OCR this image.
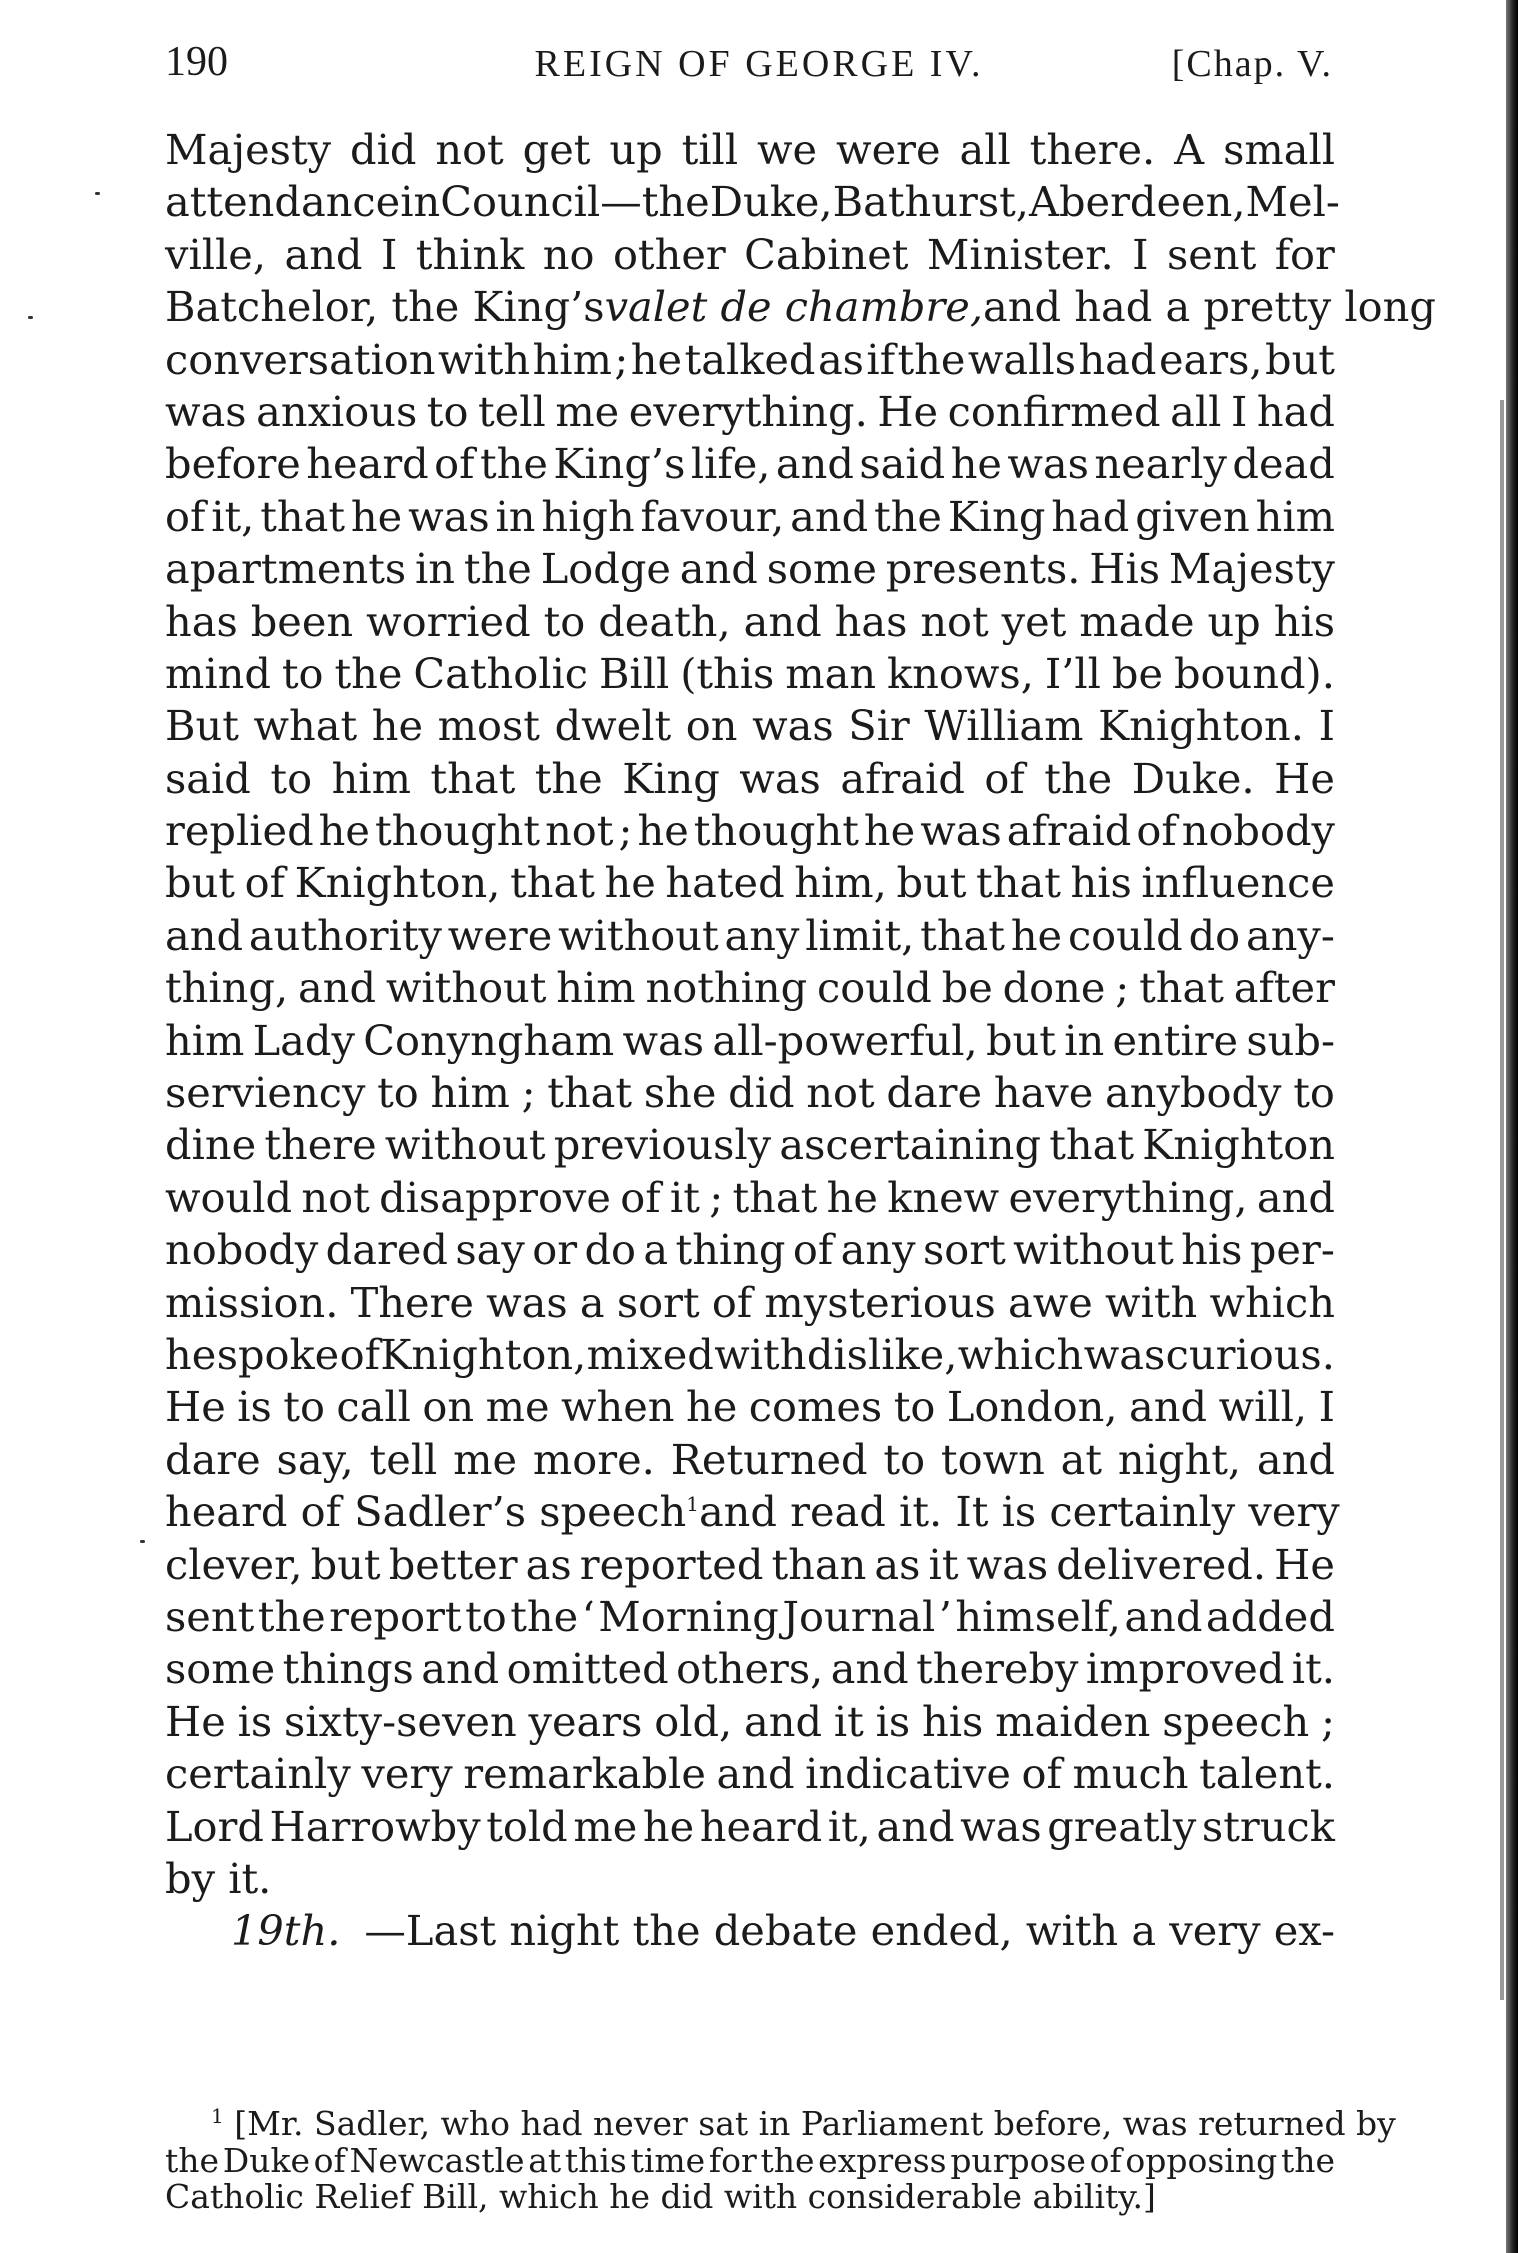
190	REIGN OF GEORGE IV.	[Chap. V.
Majesty did not get up till we were all there. A small
attendance in Council—the Duke, Bathurst, Aberdeen, Mel-
ville, and I think no other Cabinet Minister. I sent for
Batchelor, the King’s valet de chambre, and had a pretty long
conversation with him ; he talked as if the walls had ears, but
was anxious to tell me everything. He confirmed all I had
before heard of the King’s life, and said he was nearly dead
of it, that he was in high favour, and the King had given him
apartments in the Lodge and some presents. His Majesty
has been worried to death, and has not yet made up his
mind to the Catholic Bill (this man knows, I’ll be bound).
But what he most dwelt on was Sir William Knighton. I
said to him that the King was afraid of the Duke. He
replied he thought not ; he thought he was afraid of nobody
but of Knighton, that he hated him, but that his influence
and authority were without any limit, that he could do any-
thing, and without him nothing could be done ; that after
him Lady Conyngham was all-powerful, but in entire sub-
serviency to him ; that she did not dare have anybody to
dine there without previously ascertaining that Knighton
would not disapprove of it ; that he knew everything, and
nobody dared say or do a thing of any sort without his per-
mission. There was a sort of mysterious awe with which
he spoke of Knighton, mixed with dislike, which was curious.
He is to call on me when he comes to London, and will, I
dare say, tell me more. Returned to town at night, and
heard of Sadler’s speech$^1$ and read it. It is certainly very
clever, but better as reported than as it was delivered. He
sent the report to the ‘ Morning Journal ’ himself, and added
some things and omitted others, and thereby improved it.
He is sixty-seven years old, and it is his maiden speech ;
certainly very remarkable and indicative of much talent.
Lord Harrowby told me he heard it, and was greatly struck
by it.
19th. —Last night the debate ended, with a very ex-
$^1$ [Mr. Sadler, who had never sat in Parliament before, was returned by
the Duke of Newcastle at this time for the express purpose of opposing the
Catholic Relief Bill, which he did with considerable ability.]
